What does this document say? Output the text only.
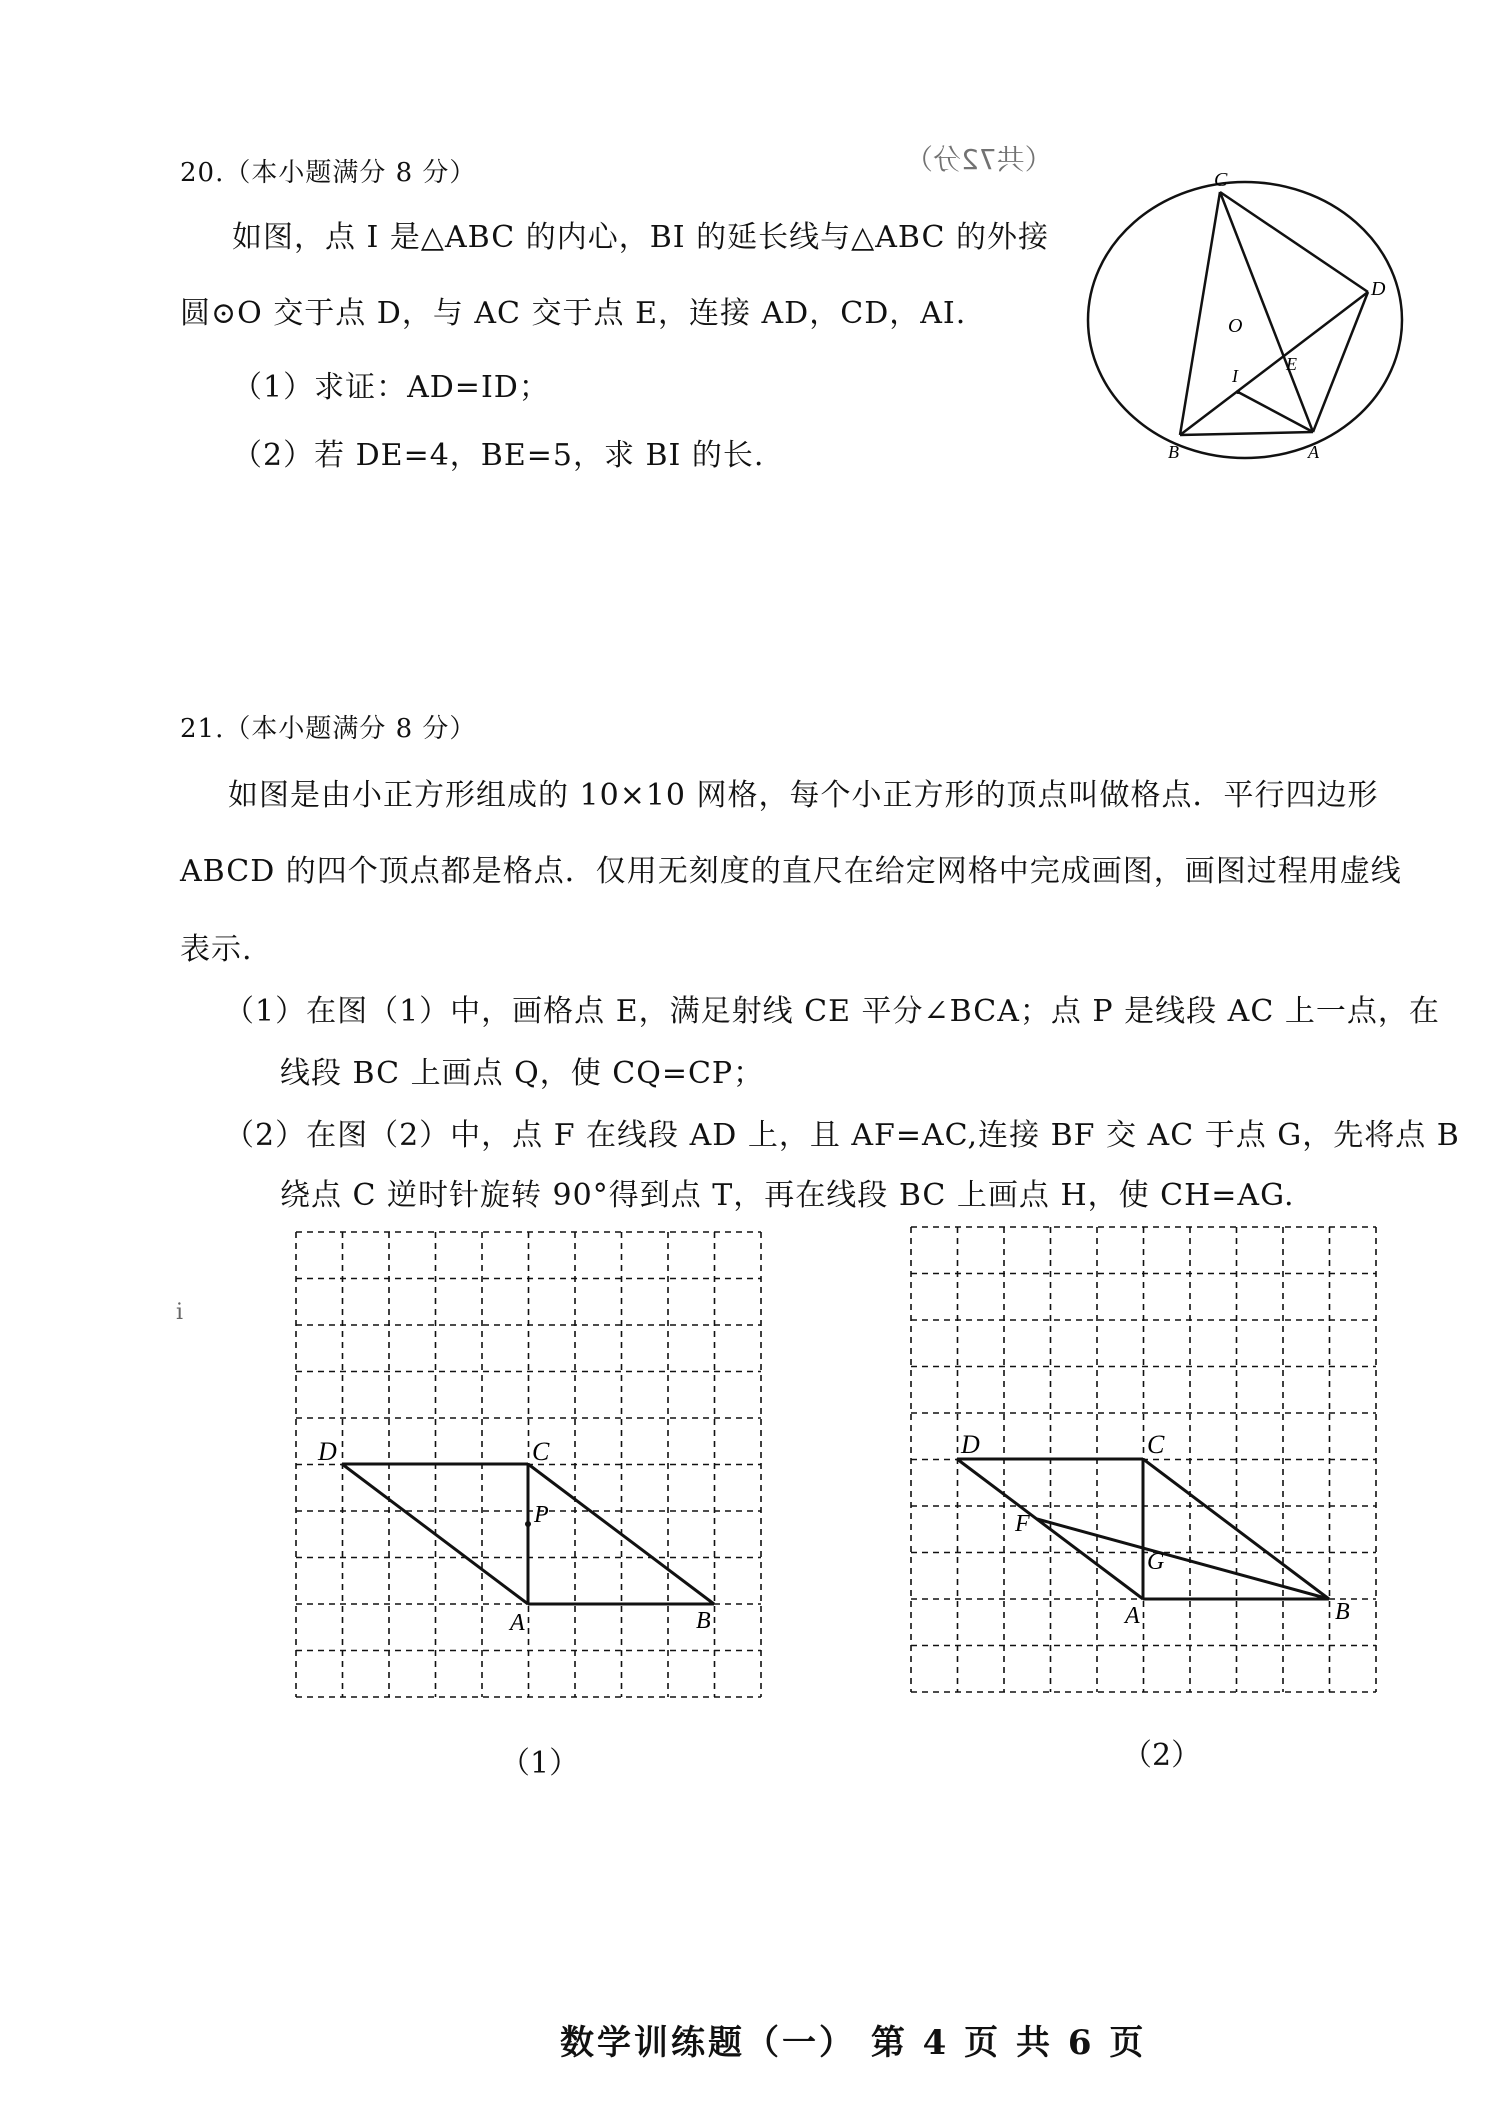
20.（本小题满分 8 分）	（共72分）
如图，点 I 是△ABC 的内心，BI 的延长线与△ABC 的外接
圆⊙O 交于点 D，与 AC 交于点 E，连接 AD，CD，AI.
（1）求证：AD=ID；
（2）若 DE=4，BE=5，求 BI 的长.
C
D
O
I
E
B	A
21.（本小题满分 8 分）
如图是由小正方形组成的 10×10 网格，每个小正方形的顶点叫做格点．平行四边形
ABCD 的四个顶点都是格点．仅用无刻度的直尺在给定网格中完成画图，画图过程用虚线
表示.
（1）在图（1）中，画格点 E，满足射线 CE 平分∠BCA；点 P 是线段 AC 上一点，在
线段 BC 上画点 Q，使 CQ=CP；
（2）在图（2）中，点 F 在线段 AD 上，且 AF=AC,连接 BF 交 AC 于点 G，先将点 B
绕点 C 逆时针旋转 90°得到点 T，再在线段 BC 上画点 H，使 CH=AG.
i
D	C
P
A	B
（1）
D	C
F
G
A	B
（2）
数学训练题（一） 第 4 页 共 6 页
